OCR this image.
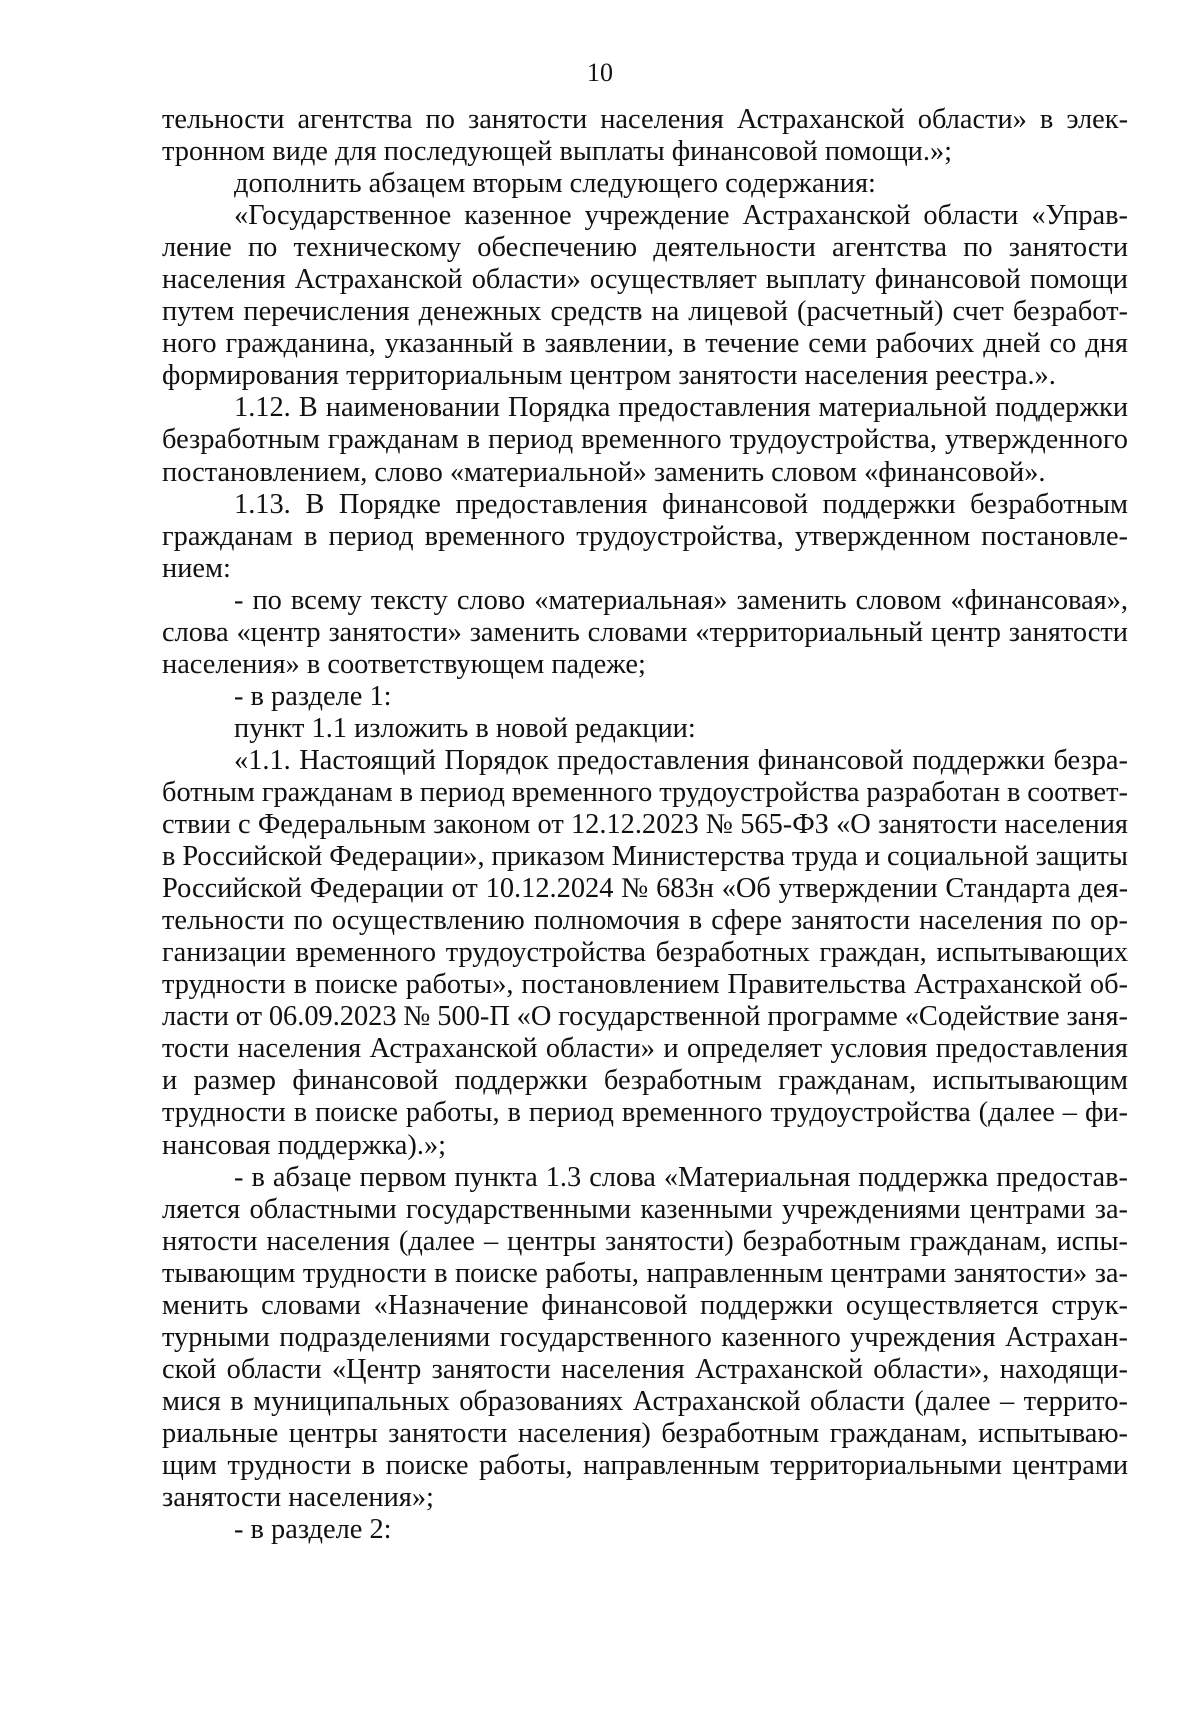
10
тельности агентства по занятости населения Астраханской области» в элек-
тронном виде для последующей выплаты финансовой помощи.»;
дополнить абзацем вторым следующего содержания:
«Государственное казенное учреждение Астраханской области «Управ-
ление по техническому обеспечению деятельности агентства по занятости
населения Астраханской области» осуществляет выплату финансовой помощи
путем перечисления денежных средств на лицевой (расчетный) счет безработ-
ного гражданина, указанный в заявлении, в течение семи рабочих дней со дня
формирования территориальным центром занятости населения реестра.».
1.12. В наименовании Порядка предоставления материальной поддержки
безработным гражданам в период временного трудоустройства, утвержденного
постановлением, слово «материальной» заменить словом «финансовой».
1.13. В Порядке предоставления финансовой поддержки безработным
гражданам в период временного трудоустройства, утвержденном постановле-
нием:
- по всему тексту слово «материальная» заменить словом «финансовая»,
слова «центр занятости» заменить словами «территориальный центр занятости
населения» в соответствующем падеже;
- в разделе 1:
пункт 1.1 изложить в новой редакции:
«1.1. Настоящий Порядок предоставления финансовой поддержки безра-
ботным гражданам в период временного трудоустройства разработан в соответ-
ствии с Федеральным законом от 12.12.2023 № 565-ФЗ «О занятости населения
в Российской Федерации», приказом Министерства труда и социальной защиты
Российской Федерации от 10.12.2024 № 683н «Об утверждении Стандарта дея-
тельности по осуществлению полномочия в сфере занятости населения по ор-
ганизации временного трудоустройства безработных граждан, испытывающих
трудности в поиске работы», постановлением Правительства Астраханской об-
ласти от 06.09.2023 № 500-П «О государственной программе «Содействие заня-
тости населения Астраханской области» и определяет условия предоставления
и размер финансовой поддержки безработным гражданам, испытывающим
трудности в поиске работы, в период временного трудоустройства (далее – фи-
нансовая поддержка).»;
- в абзаце первом пункта 1.3 слова «Материальная поддержка предостав-
ляется областными государственными казенными учреждениями центрами за-
нятости населения (далее – центры занятости) безработным гражданам, испы-
тывающим трудности в поиске работы, направленным центрами занятости» за-
менить словами «Назначение финансовой поддержки осуществляется струк-
турными подразделениями государственного казенного учреждения Астрахан-
ской области «Центр занятости населения Астраханской области», находящи-
мися в муниципальных образованиях Астраханской области (далее – террито-
риальные центры занятости населения) безработным гражданам, испытываю-
щим трудности в поиске работы, направленным территориальными центрами
занятости населения»;
- в разделе 2:
